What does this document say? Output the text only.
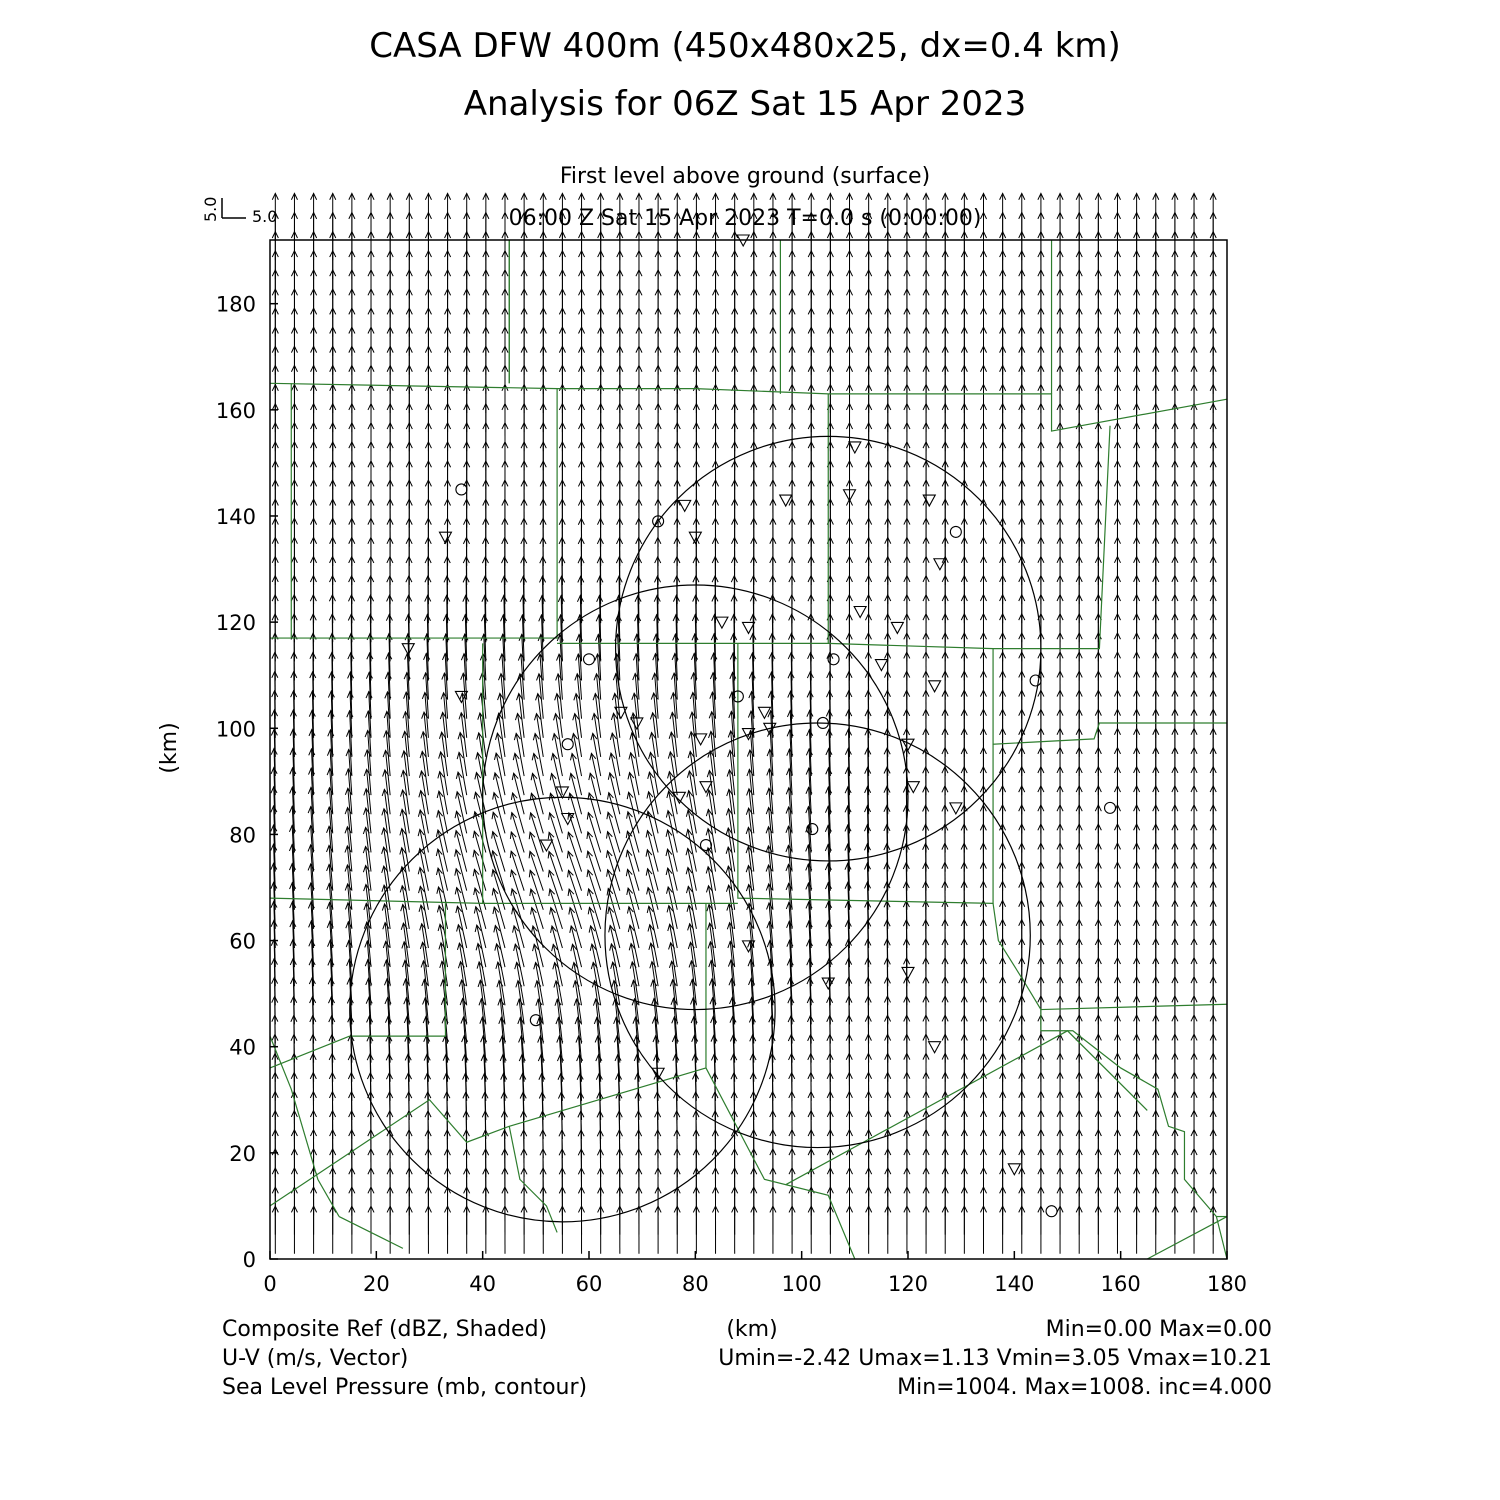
CASA DFW 400m (450x480x25, dx=0.4 km)
Analysis for 06Z Sat 15 Apr 2023
First level above ground (surface)
06:00 Z Sat 15 Apr 2023 T=0.0 s (0:00:00)
5.0 5.0
0	20	40	60	80	100	120	140	160	180
0
20
40
60
80
100
120
140
160
180
(km)
Composite Ref (dBZ, Shaded)	(km)	Min=0.00 Max=0.00
U-V (m/s, Vector)	Umin=-2.42 Umax=1.13 Vmin=3.05 Vmax=10.21
Sea Level Pressure (mb, contour)	Min=1004. Max=1008. inc=4.000
